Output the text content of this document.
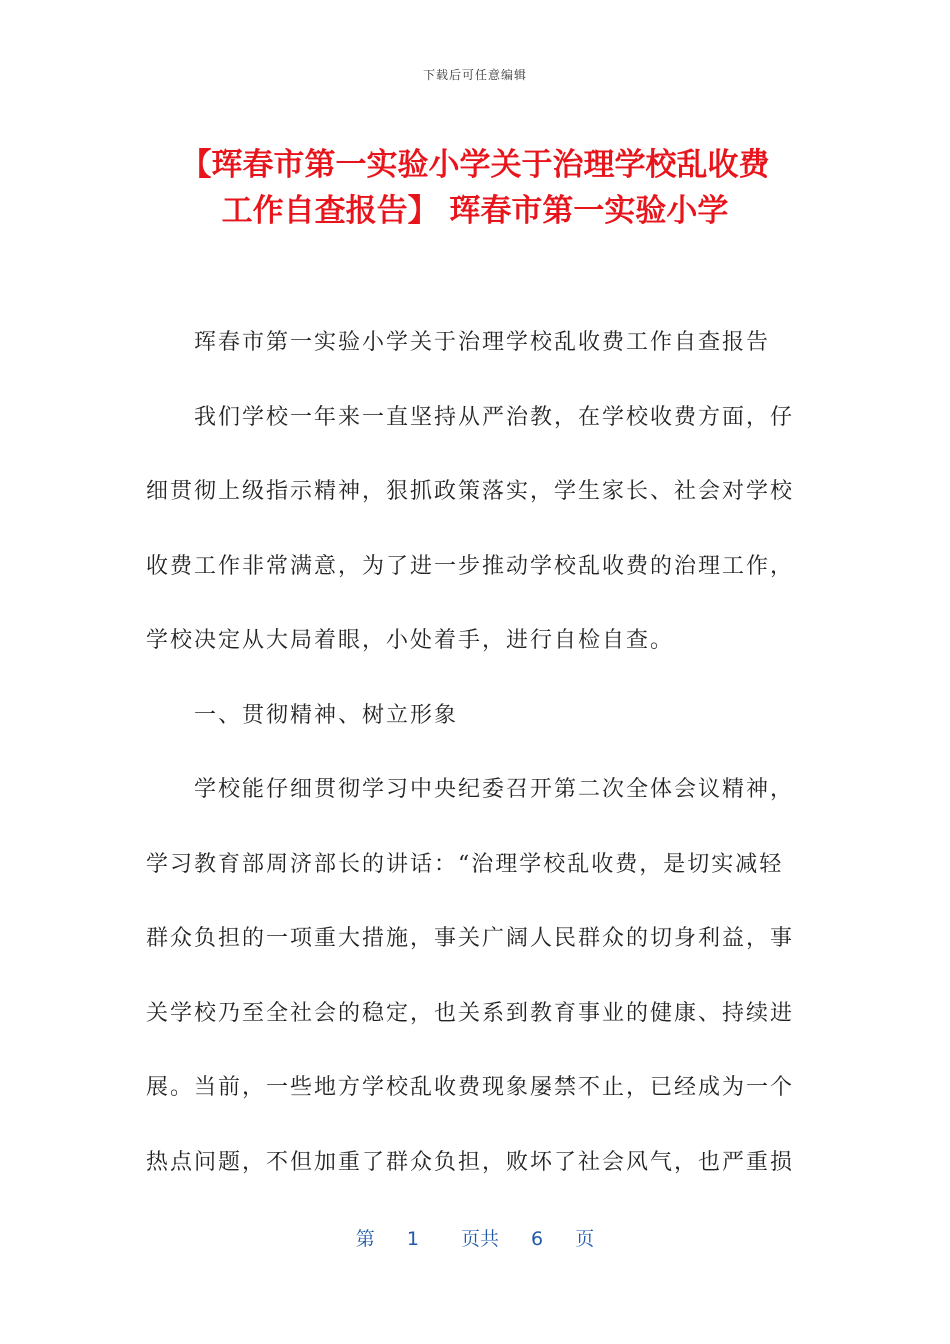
下载后可任意编辑
【珲春市第一实验小学关于治理学校乱收费
工作自查报告】 珲春市第一实验小学
珲春市第一实验小学关于治理学校乱收费工作自查报告
我们学校一年来一直坚持从严治教，在学校收费方面，仔
细贯彻上级指示精神，狠抓政策落实，学生家长、社会对学校
收费工作非常满意，为了进一步推动学校乱收费的治理工作，
学校决定从大局着眼，小处着手，进行自检自查。
一、贯彻精神、树立形象
学校能仔细贯彻学习中央纪委召开第二次全体会议精神，
学习教育部周济部长的讲话：“治理学校乱收费，是切实减轻
群众负担的一项重大措施，事关广阔人民群众的切身利益，事
关学校乃至全社会的稳定，也关系到教育事业的健康、持续进
展。当前，一些地方学校乱收费现象屡禁不止，已经成为一个
热点问题，不但加重了群众负担，败坏了社会风气，也严重损
第 1 页共 6 页
